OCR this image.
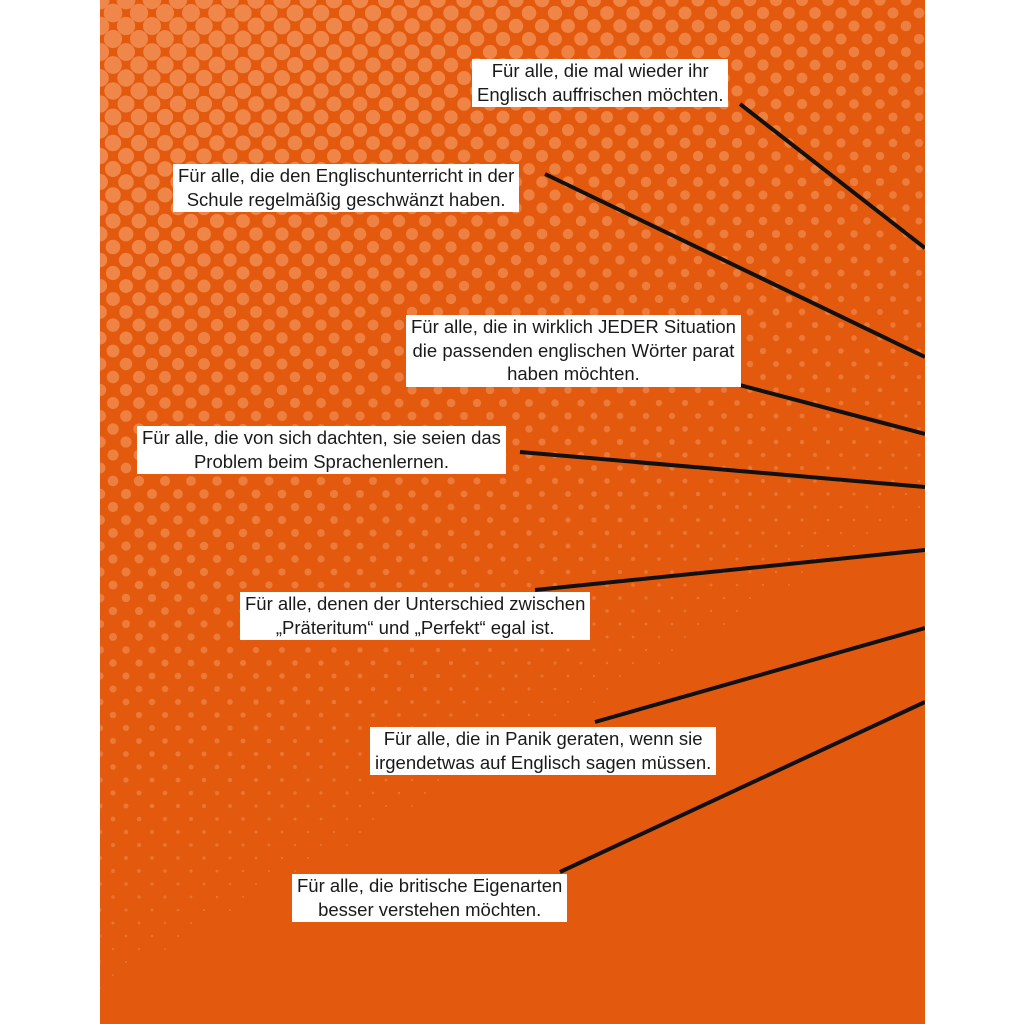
Für alle, die mal wieder ihr
Englisch auffrischen möchten.
Für alle, die den Englischunterricht in der
Schule regelmäßig geschwänzt haben.
Für alle, die in wirklich JEDER Situation
die passenden englischen Wörter parat
haben möchten.
Für alle, die von sich dachten, sie seien das
Problem beim Sprachenlernen.
Für alle, denen der Unterschied zwischen
„Präteritum“ und „Perfekt“ egal ist.
Für alle, die in Panik geraten, wenn sie
irgendetwas auf Englisch sagen müssen.
Für alle, die britische Eigenarten
besser verstehen möchten.
